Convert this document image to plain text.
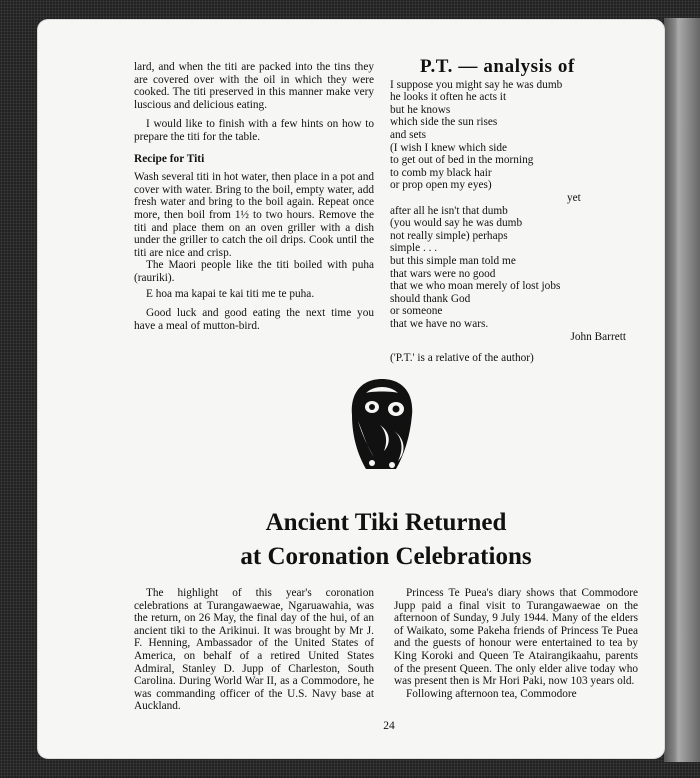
lard, and when the titi are packed into the tins they are covered over with the oil in which they were cooked. The titi preserved in this manner make very luscious and delicious eating.

I would like to finish with a few hints on how to prepare the titi for the table.

Recipe for Titi

Wash several titi in hot water, then place in a pot and cover with water. Bring to the boil, empty water, add fresh water and bring to the boil again. Repeat once more, then boil from 1½ to two hours. Remove the titi and place them on an oven griller with a dish under the griller to catch the oil drips. Cook until the titi are nice and crisp.

The Maori people like the titi boiled with puha (rauriki).

E hoa ma kapai te kai titi me te puha.

Good luck and good eating the next time you have a meal of mutton-bird.

P.T. — analysis of

I suppose you might say he was dumb

he looks it often he acts it

but he knows

which side the sun rises

and sets

(I wish I knew which side

to get out of bed in the morning

to comb my black hair

or prop open my eyes)

yet

after all he isn't that dumb

(you would say he was dumb

not really simple) perhaps

simple . . .

but this simple man told me

that wars were no good

that we who moan merely of lost jobs

should thank God

or someone

that we have no wars.

John Barrett

('P.T.' is a relative of the author)

Ancient Tiki Returned
at Coronation Celebrations

The highlight of this year's coronation celebrations at Turangawaewae, Ngaruawahia, was the return, on 26 May, the final day of the hui, of an ancient tiki to the Arikinui. It was brought by Mr J. F. Henning, Ambassador of the United States of America, on behalf of a retired United States Admiral, Stanley D. Jupp of Charleston, South Carolina. During World War II, as a Commodore, he was commanding officer of the U.S. Navy base at Auckland.

Princess Te Puea's diary shows that Commodore Jupp paid a final visit to Turangawaewae on the afternoon of Sunday, 9 July 1944. Many of the elders of Waikato, some Pakeha friends of Princess Te Puea and the guests of honour were entertained to tea by King Koroki and Queen Te Atairangikaahu, parents of the present Queen. The only elder alive today who was present then is Mr Hori Paki, now 103 years old.

Following afternoon tea, Commodore

24
